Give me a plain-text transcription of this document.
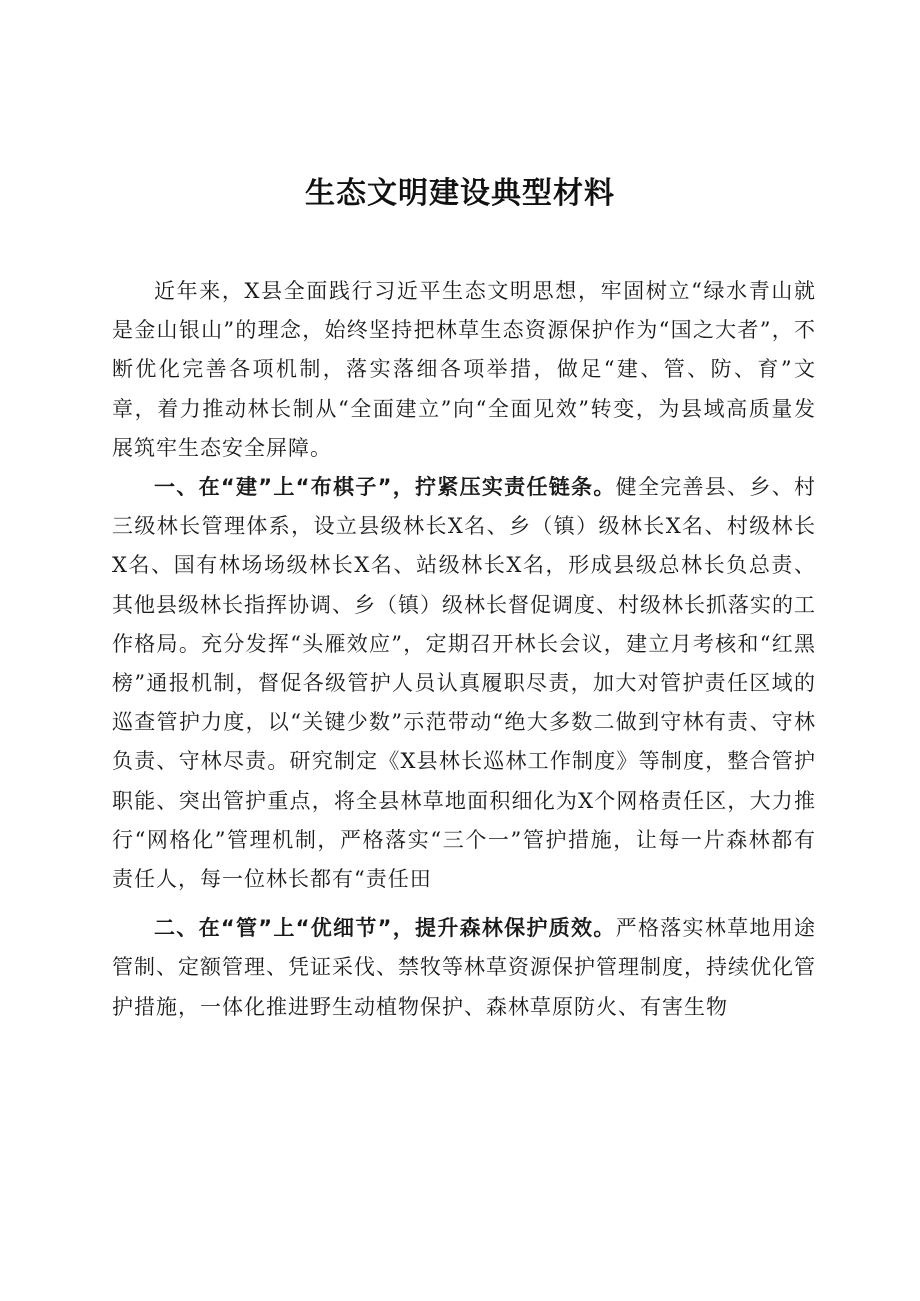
生态文明建设典型材料

近年来，X县全面践行习近平生态文明思想，牢固树立“绿水青山就是金山银山”的理念，始终坚持把林草生态资源保护作为“国之大者”，不断优化完善各项机制，落实落细各项举措，做足“建、管、防、育”文章，着力推动林长制从“全面建立”向“全面见效”转变，为县域高质量发展筑牢生态安全屏障。

一、在“建”上“布棋子”，拧紧压实责任链条。健全完善县、乡、村三级林长管理体系，设立县级林长X名、乡（镇）级林长X名、村级林长X名、国有林场场级林长X名、站级林长X名，形成县级总林长负总责、其他县级林长指挥协调、乡（镇）级林长督促调度、村级林长抓落实的工作格局。充分发挥“头雁效应”，定期召开林长会议，建立月考核和“红黑榜”通报机制，督促各级管护人员认真履职尽责，加大对管护责任区域的巡查管护力度，以“关键少数”示范带动“绝大多数二做到守林有责、守林负责、守林尽责。研究制定《X县林长巡林工作制度》等制度，整合管护职能、突出管护重点，将全县林草地面积细化为X个网格责任区，大力推行“网格化”管理机制，严格落实“三个一”管护措施，让每一片森林都有责任人，每一位林长都有“责任田

二、在“管”上“优细节”，提升森林保护质效。严格落实林草地用途管制、定额管理、凭证采伐、禁牧等林草资源保护管理制度，持续优化管护措施，一体化推进野生动植物保护、森林草原防火、有害生物
